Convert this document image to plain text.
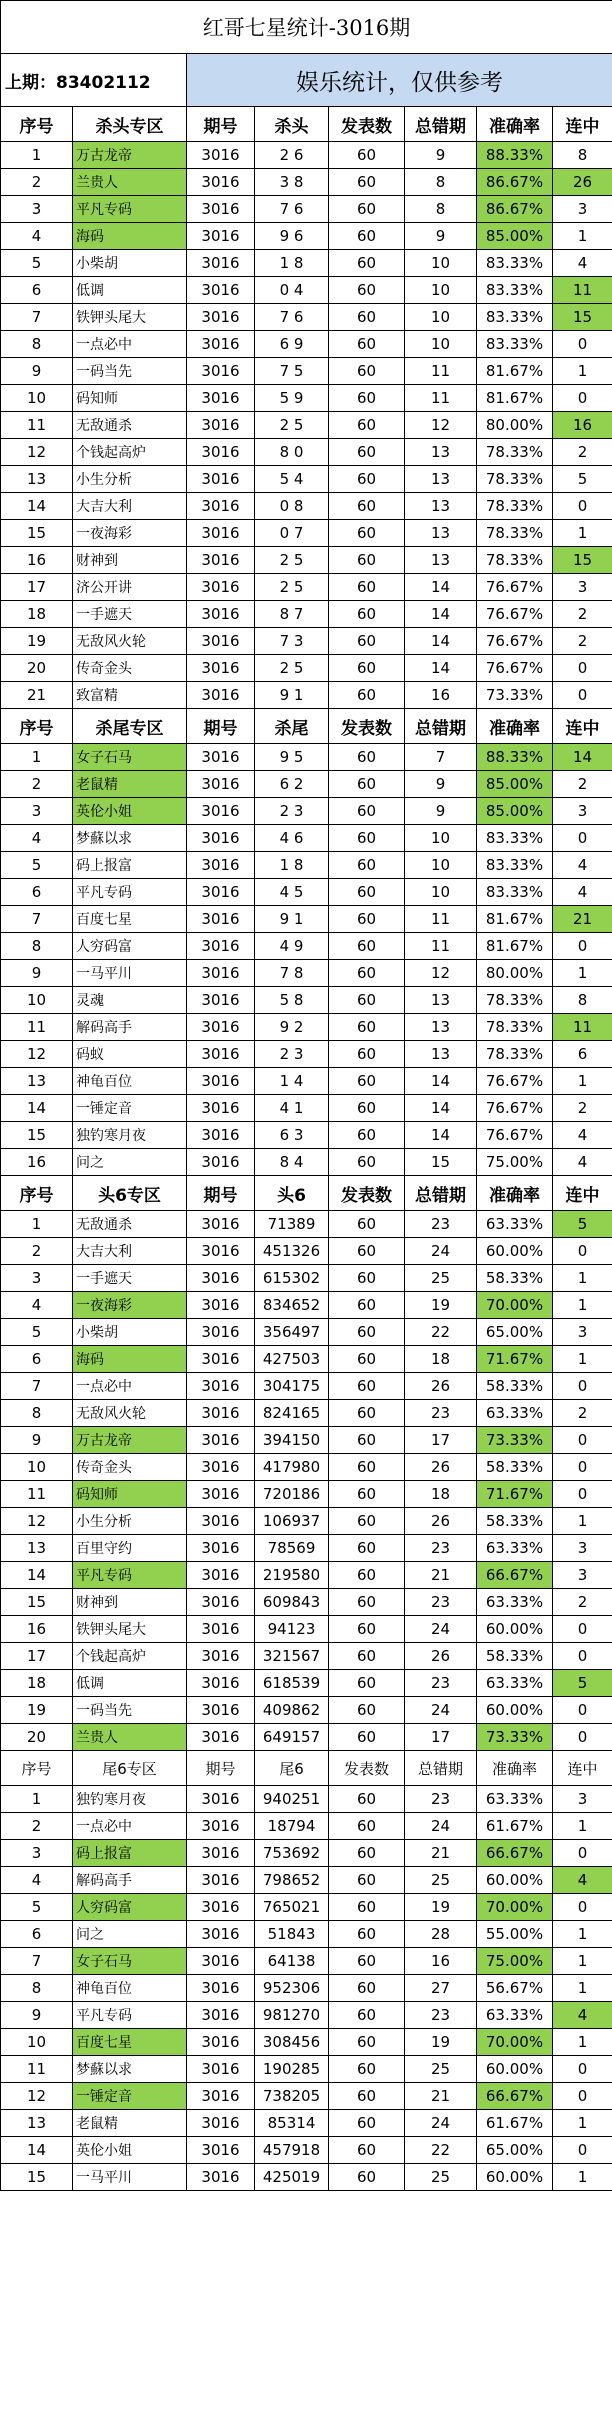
红哥七星统计-3016期							
上期：83402112		娱乐统计，仅供参考					
序号	杀头专区	期号	杀头	发表数	总错期	准确率	连中
1	万古龙帝	3016	2 6	60	9	88.33%	8
2	兰贵人	3016	3 8	60	8	86.67%	26
3	平凡专码	3016	7 6	60	8	86.67%	3
4	海码	3016	9 6	60	9	85.00%	1
5	小柴胡	3016	1 8	60	10	83.33%	4
6	低调	3016	0 4	60	10	83.33%	11
7	铁钾头尾大	3016	7 6	60	10	83.33%	15
8	一点必中	3016	6 9	60	10	83.33%	0
9	一码当先	3016	7 5	60	11	81.67%	1
10	码知师	3016	5 9	60	11	81.67%	0
11	无敌通杀	3016	2 5	60	12	80.00%	16
12	个钱起高炉	3016	8 0	60	13	78.33%	2
13	小生分析	3016	5 4	60	13	78.33%	5
14	大吉大利	3016	0 8	60	13	78.33%	0
15	一夜海彩	3016	0 7	60	13	78.33%	1
16	财神到	3016	2 5	60	13	78.33%	15
17	济公开讲	3016	2 5	60	14	76.67%	3
18	一手遮天	3016	8 7	60	14	76.67%	2
19	无敌风火轮	3016	7 3	60	14	76.67%	2
20	传奇金头	3016	2 5	60	14	76.67%	0
21	致富精	3016	9 1	60	16	73.33%	0
序号	杀尾专区	期号	杀尾	发表数	总错期	准确率	连中
1	女子石马	3016	9 5	60	7	88.33%	14
2	老鼠精	3016	6 2	60	9	85.00%	2
3	英伦小姐	3016	2 3	60	9	85.00%	3
4	梦蘇以求	3016	4 6	60	10	83.33%	0
5	码上报富	3016	1 8	60	10	83.33%	4
6	平凡专码	3016	4 5	60	10	83.33%	4
7	百度七星	3016	9 1	60	11	81.67%	21
8	人穷码富	3016	4 9	60	11	81.67%	0
9	一马平川	3016	7 8	60	12	80.00%	1
10	灵魂	3016	5 8	60	13	78.33%	8
11	解码高手	3016	9 2	60	13	78.33%	11
12	码蚁	3016	2 3	60	13	78.33%	6
13	神龟百位	3016	1 4	60	14	76.67%	1
14	一锤定音	3016	4 1	60	14	76.67%	2
15	独钓寒月夜	3016	6 3	60	14	76.67%	4
16	问之	3016	8 4	60	15	75.00%	4
序号	头6专区	期号	头6	发表数	总错期	准确率	连中
1	无敌通杀	3016	71389	60	23	63.33%	5
2	大吉大利	3016	451326	60	24	60.00%	0
3	一手遮天	3016	615302	60	25	58.33%	1
4	一夜海彩	3016	834652	60	19	70.00%	1
5	小柴胡	3016	356497	60	22	65.00%	3
6	海码	3016	427503	60	18	71.67%	1
7	一点必中	3016	304175	60	26	58.33%	0
8	无敌风火轮	3016	824165	60	23	63.33%	2
9	万古龙帝	3016	394150	60	17	73.33%	0
10	传奇金头	3016	417980	60	26	58.33%	0
11	码知师	3016	720186	60	18	71.67%	0
12	小生分析	3016	106937	60	26	58.33%	1
13	百里守约	3016	78569	60	23	63.33%	3
14	平凡专码	3016	219580	60	21	66.67%	3
15	财神到	3016	609843	60	23	63.33%	2
16	铁钾头尾大	3016	94123	60	24	60.00%	0
17	个钱起高炉	3016	321567	60	26	58.33%	0
18	低调	3016	618539	60	23	63.33%	5
19	一码当先	3016	409862	60	24	60.00%	0
20	兰贵人	3016	649157	60	17	73.33%	0
序号	尾6专区	期号	尾6	发表数	总错期	准确率	连中
1	独钓寒月夜	3016	940251	60	23	63.33%	3
2	一点必中	3016	18794	60	24	61.67%	1
3	码上报富	3016	753692	60	21	66.67%	0
4	解码高手	3016	798652	60	25	60.00%	4
5	人穷码富	3016	765021	60	19	70.00%	0
6	问之	3016	51843	60	28	55.00%	1
7	女子石马	3016	64138	60	16	75.00%	1
8	神龟百位	3016	952306	60	27	56.67%	1
9	平凡专码	3016	981270	60	23	63.33%	4
10	百度七星	3016	308456	60	19	70.00%	1
11	梦蘇以求	3016	190285	60	25	60.00%	0
12	一锤定音	3016	738205	60	21	66.67%	0
13	老鼠精	3016	85314	60	24	61.67%	1
14	英伦小姐	3016	457918	60	22	65.00%	0
15	一马平川	3016	425019	60	25	60.00%	1
